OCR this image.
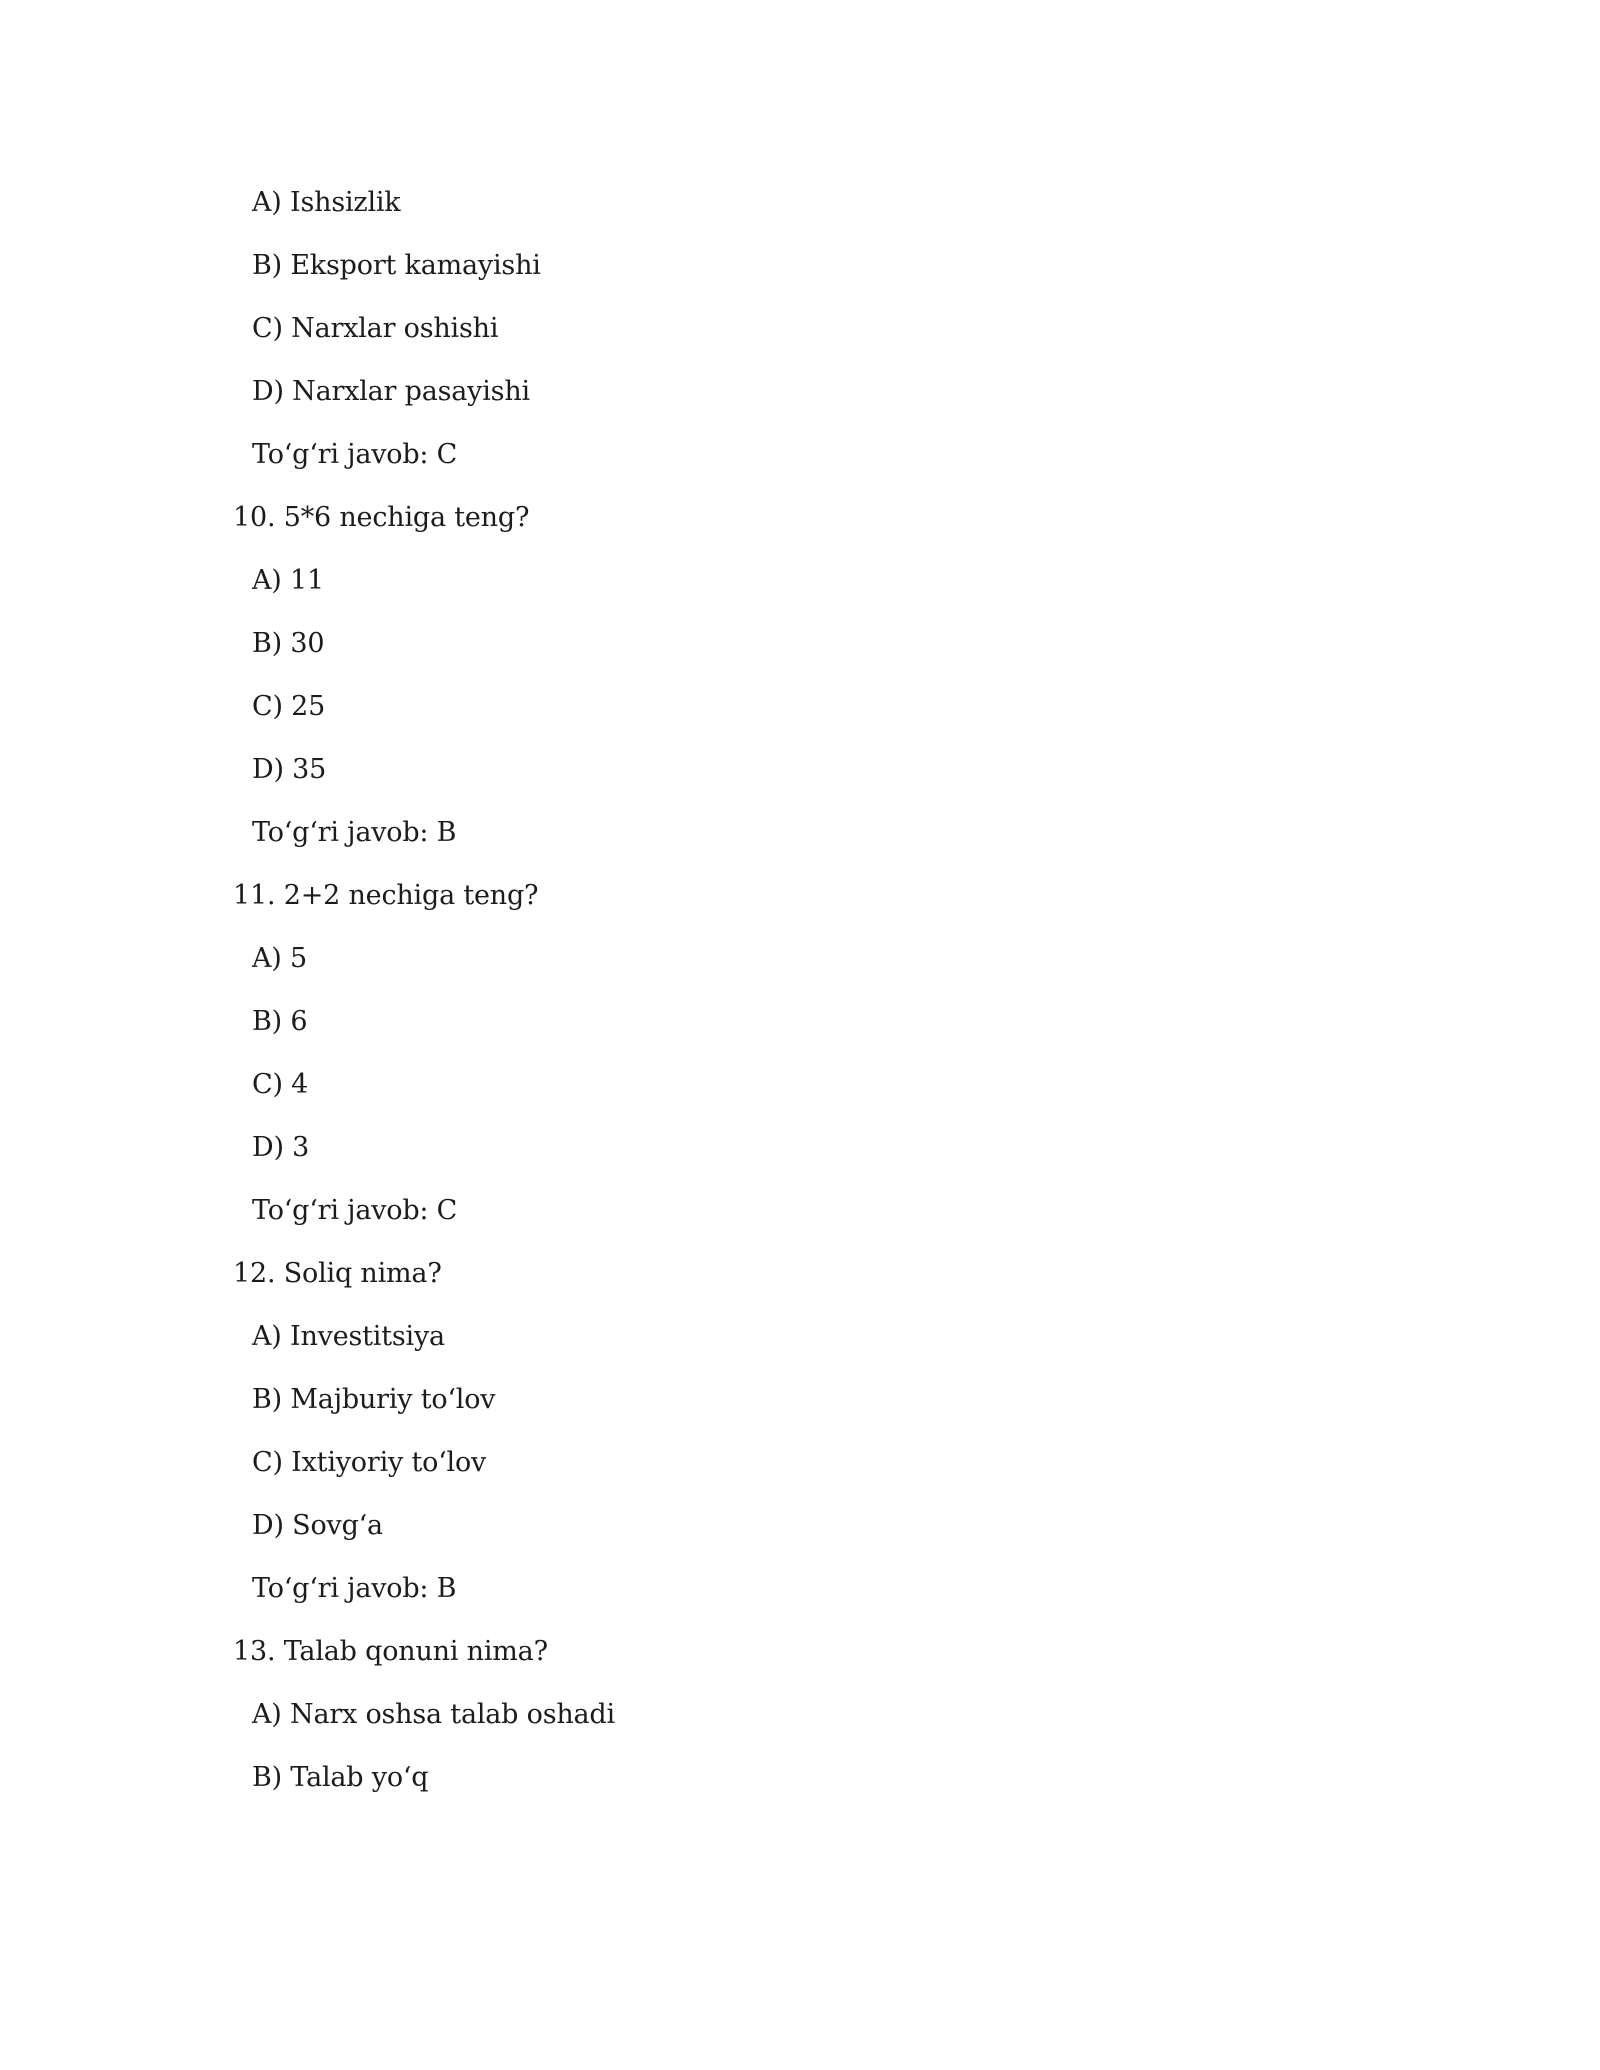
A) Ishsizlik
B) Eksport kamayishi
C) Narxlar oshishi
D) Narxlar pasayishi
To‘g‘ri javob: C
10. 5*6 nechiga teng?
A) 11
B) 30
C) 25
D) 35
To‘g‘ri javob: B
11. 2+2 nechiga teng?
A) 5
B) 6
C) 4
D) 3
To‘g‘ri javob: C
12. Soliq nima?
A) Investitsiya
B) Majburiy to‘lov
C) Ixtiyoriy to‘lov
D) Sovg‘a
To‘g‘ri javob: B
13. Talab qonuni nima?
A) Narx oshsa talab oshadi
B) Talab yo‘q
